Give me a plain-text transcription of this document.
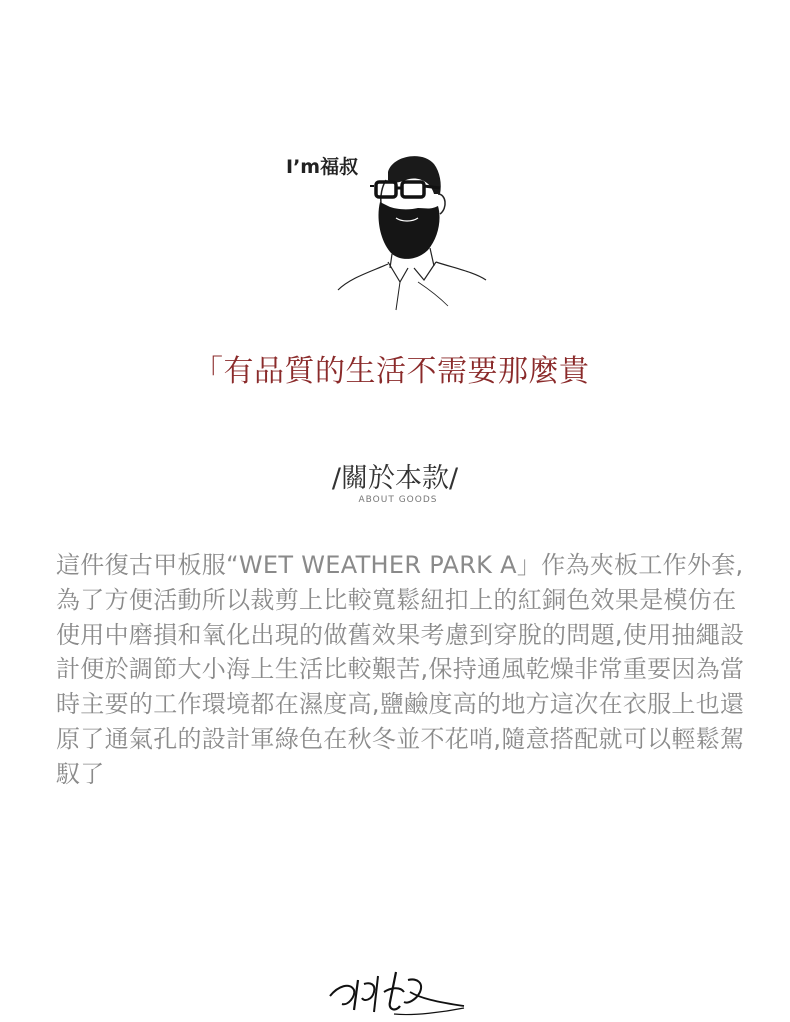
I’m福叔
「有品質的生活不需要那麼貴
/關於本款/
ABOUT GOODS

這件復古甲板服“WET WEATHER PARK A」作為夾板工作外套, 為了方便活動所以裁剪上比較寬鬆紐扣上的紅銅色效果是模仿在使用中磨損和氧化出現的做舊效果考慮到穿脫的問題,使用抽繩設計便於調節大小海上生活比較艱苦,保持通風乾燥非常重要因為當時主要的工作環境都在濕度高,鹽鹼度高的地方這次在衣服上也還原了通氣孔的設計軍綠色在秋冬並不花哨,隨意搭配就可以輕鬆駕馭了
